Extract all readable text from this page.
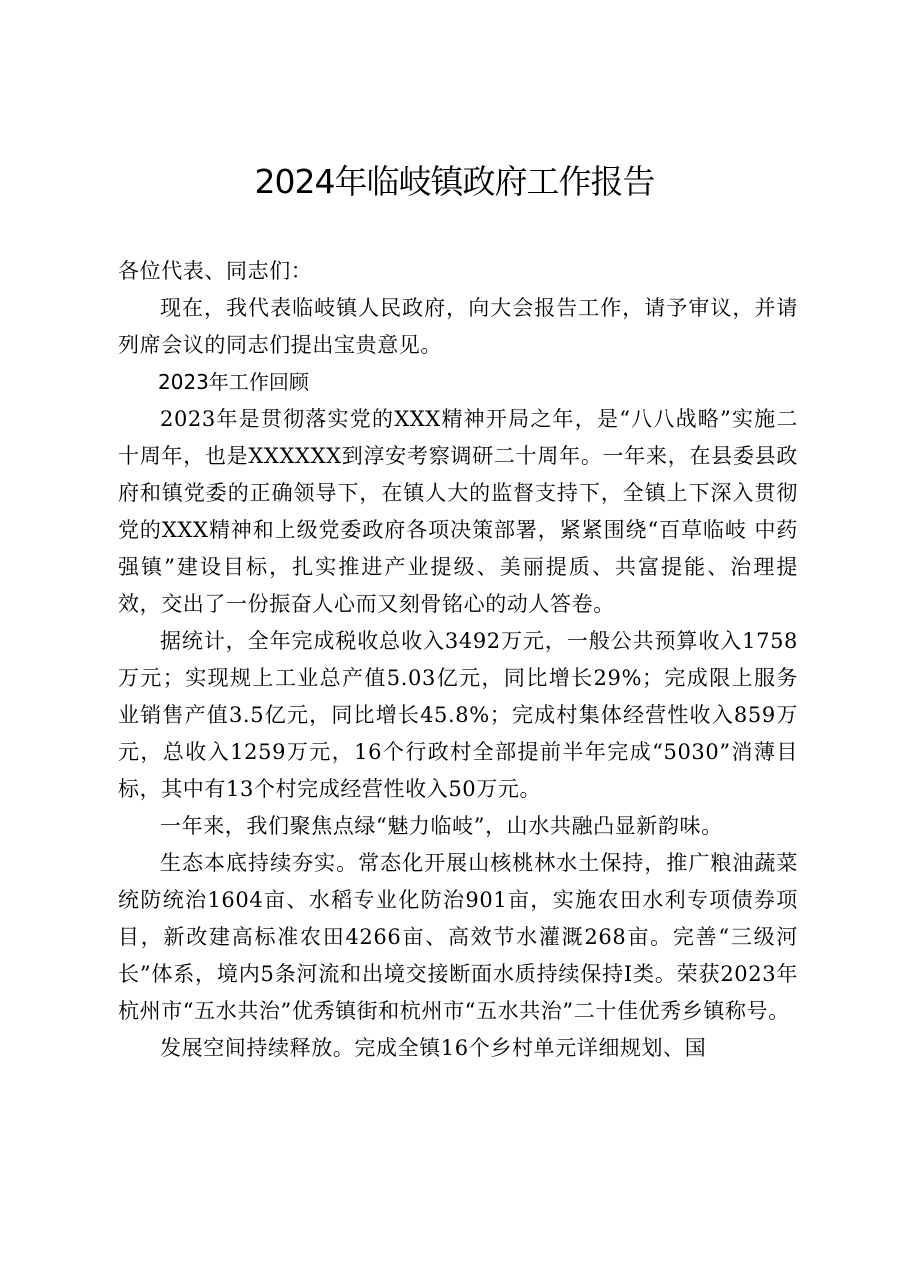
2024年临岐镇政府工作报告

各位代表、同志们：

现在，我代表临岐镇人民政府，向大会报告工作，请予审议，并请列席会议的同志们提出宝贵意见。

2023年工作回顾

2023年是贯彻落实党的XXX精神开局之年，是“八八战略”实施二十周年，也是XXXXXX到淳安考察调研二十周年。一年来，在县委县政府和镇党委的正确领导下，在镇人大的监督支持下，全镇上下深入贯彻党的XXX精神和上级党委政府各项决策部署，紧紧围绕“百草临岐 中药强镇”建设目标，扎实推进产业提级、美丽提质、共富提能、治理提效，交出了一份振奋人心而又刻骨铭心的动人答卷。

据统计，全年完成税收总收入3492万元，一般公共预算收入1758万元；实现规上工业总产值5.03亿元，同比增长29%；完成限上服务业销售产值3.5亿元，同比增长45.8%；完成村集体经营性收入859万元，总收入1259万元，16个行政村全部提前半年完成“5030”消薄目标，其中有13个村完成经营性收入50万元。

一年来，我们聚焦点绿“魅力临岐”，山水共融凸显新韵味。

生态本底持续夯实。常态化开展山核桃林水土保持，推广粮油蔬菜统防统治1604亩、水稻专业化防治901亩，实施农田水利专项债券项目，新改建高标准农田4266亩、高效节水灌溉268亩。完善“三级河长”体系，境内5条河流和出境交接断面水质持续保持I类。荣获2023年杭州市“五水共治”优秀镇街和杭州市“五水共治”二十佳优秀乡镇称号。

发展空间持续释放。完成全镇16个乡村单元详细规划、国
